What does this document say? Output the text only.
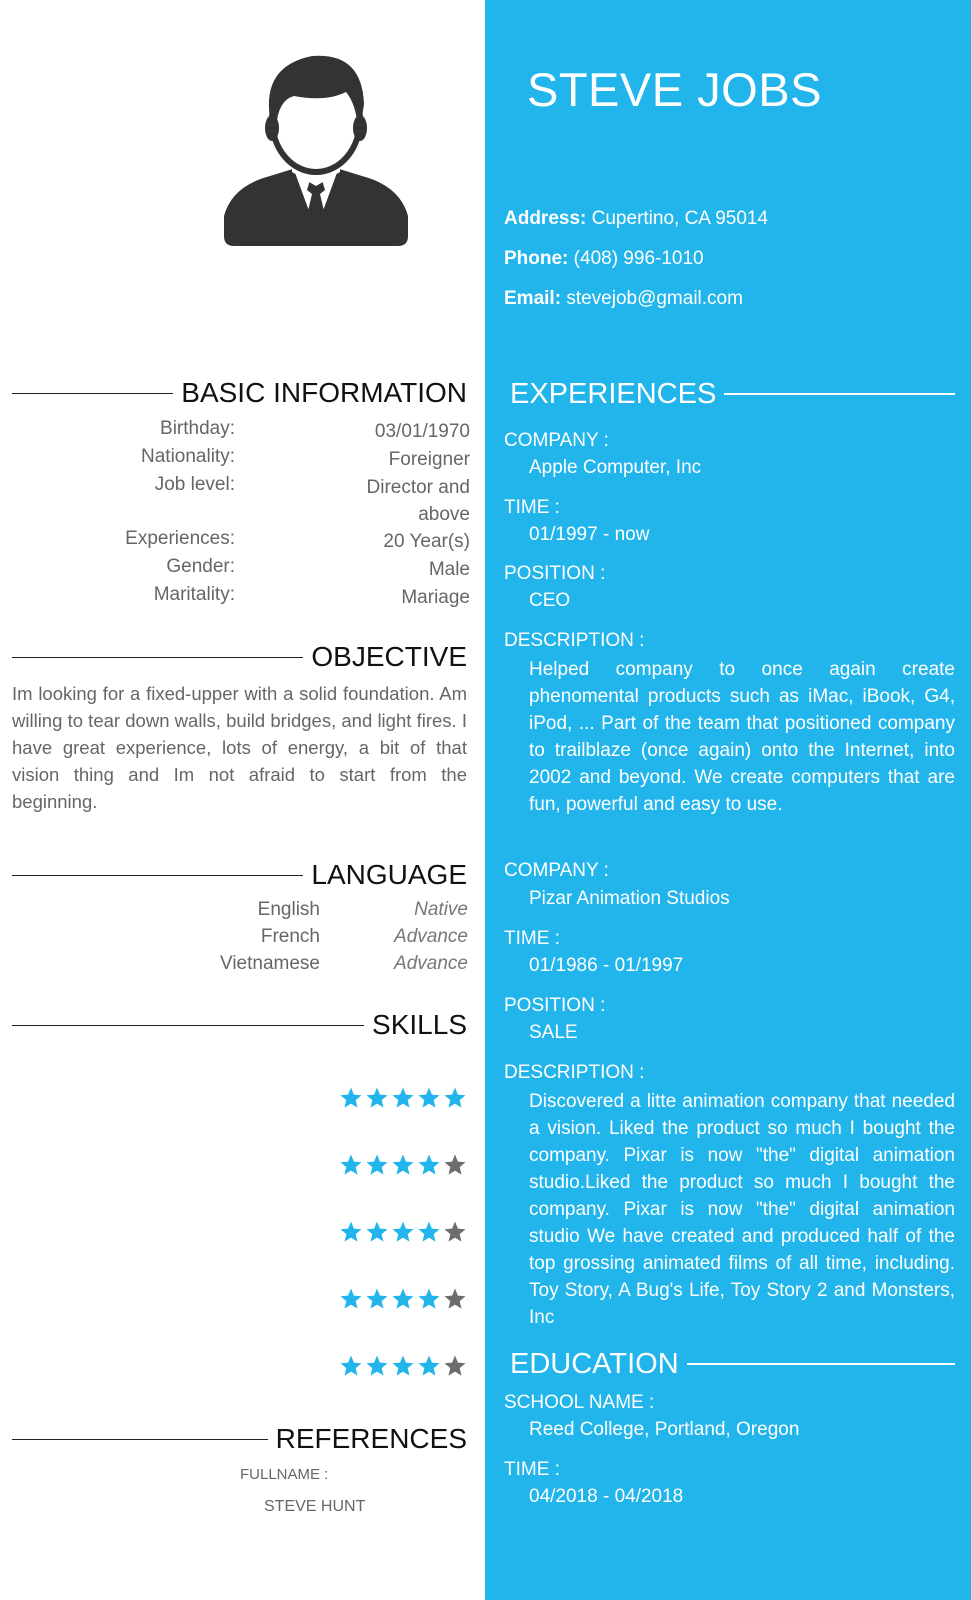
BASIC INFORMATION
Birthday:	03/01/1970
Nationality:	Foreigner
Job level:	Director and above
Experiences:	20 Year(s)
Gender:	Male
Maritality:	Mariage
OBJECTIVE
Im looking for a fixed-upper with a solid foundation. Am willing to tear down walls, build bridges, and light fires. I have great experience, lots of energy, a bit of that vision thing and Im not afraid to start from the beginning.
LANGUAGE
English	Native
French	Advance
Vietnamese	Advance
SKILLS
REFERENCES
FULLNAME :
STEVE HUNT
STEVE JOBS
Address: Cupertino, CA 95014
Phone: (408) 996-1010
Email: stevejob@gmail.com
EXPERIENCES
COMPANY :
Apple Computer, Inc
TIME :
01/1997 - now
POSITION :
CEO
DESCRIPTION :
Helped company to once again create phenomental products such as iMac, iBook, G4, iPod, ... Part of the team that positioned company to trailblaze (once again) onto the Internet, into 2002 and beyond. We create computers that are fun, powerful and easy to use.
COMPANY :
Pizar Animation Studios
TIME :
01/1986 - 01/1997
POSITION :
SALE
DESCRIPTION :
Discovered a litte animation company that needed a vision. Liked the product so much I bought the company. Pixar is now "the" digital animation studio.Liked the product so much I bought the company. Pixar is now "the" digital animation studio We have created and produced half of the top grossing animated films of all time, including. Toy Story, A Bug's Life, Toy Story 2 and Monsters, Inc
EDUCATION
SCHOOL NAME :
Reed College, Portland, Oregon
TIME :
04/2018 - 04/2018
